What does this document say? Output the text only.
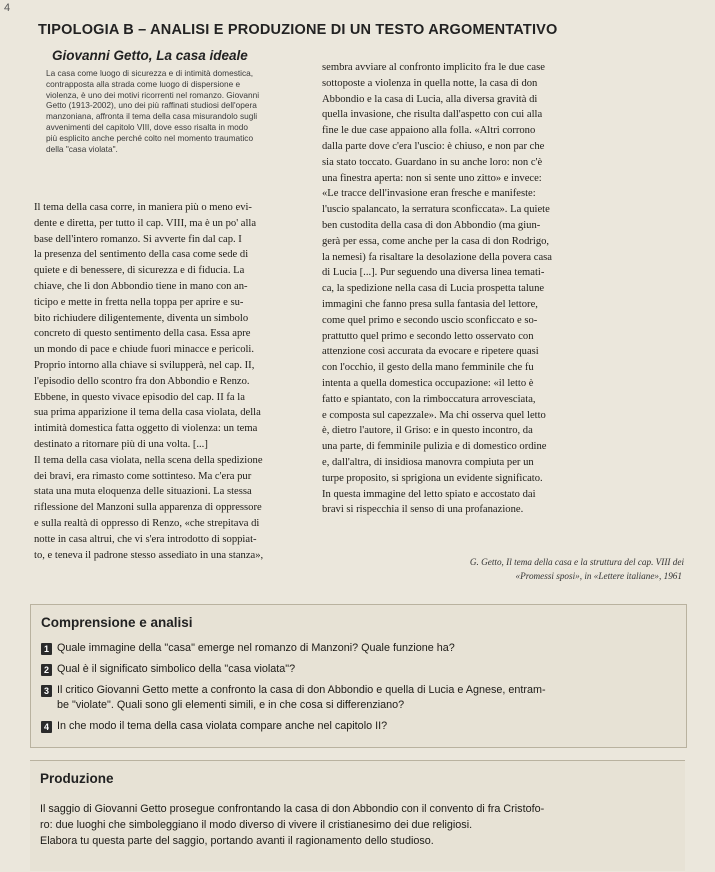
4
TIPOLOGIA B – ANALISI E PRODUZIONE DI UN TESTO ARGOMENTATIVO
Giovanni Getto, La casa ideale
La casa come luogo di sicurezza e di intimità domestica,
contrapposta alla strada come luogo di dispersione e
violenza, è uno dei motivi ricorrenti nel romanzo. Giovanni
Getto (1913-2002), uno dei più raffinati studiosi dell'opera
manzoniana, affronta il tema della casa misurandolo sugli
avvenimenti del capitolo VIII, dove esso risalta in modo
più esplicito anche perché colto nel momento traumatico
della "casa violata".
Il tema della casa corre, in maniera più o meno evi-
dente e diretta, per tutto il cap. VIII, ma è un po' alla
base dell'intero romanzo. Si avverte fin dal cap. I
la presenza del sentimento della casa come sede di
quiete e di benessere, di sicurezza e di fiducia. La
chiave, che lì don Abbondio tiene in mano con an-
ticipo e mette in fretta nella toppa per aprire e su-
bito richiudere diligentemente, diventa un simbolo
concreto di questo sentimento della casa. Essa apre
un mondo di pace e chiude fuori minacce e pericoli.
Proprio intorno alla chiave si svilupperà, nel cap. II,
l'episodio dello scontro fra don Abbondio e Renzo.
Ebbene, in questo vivace episodio del cap. II fa la
sua prima apparizione il tema della casa violata, della
intimità domestica fatta oggetto di violenza: un tema
destinato a ritornare più di una volta. [...]
Il tema della casa violata, nella scena della spedizione
dei bravi, era rimasto come sottinteso. Ma c'era pur
stata una muta eloquenza delle situazioni. La stessa
riflessione del Manzoni sulla apparenza di oppressore
e sulla realtà di oppresso di Renzo, «che strepitava di
notte in casa altrui, che vi s'era introdotto di soppiat-
to, e teneva il padrone stesso assediato in una stanza»,
sembra avviare al confronto implicito fra le due case
sottoposte a violenza in quella notte, la casa di don
Abbondio e la casa di Lucia, alla diversa gravità di
quella invasione, che risulta dall'aspetto con cui alla
fine le due case appaiono alla folla. «Altri corrono
dalla parte dove c'era l'uscio: è chiuso, e non par che
sia stato toccato. Guardano in su anche loro: non c'è
una finestra aperta: non si sente uno zitto» e invece:
«Le tracce dell'invasione eran fresche e manifeste:
l'uscio spalancato, la serratura sconficcata». La quiete
ben custodita della casa di don Abbondio (ma giun-
gerà per essa, come anche per la casa di don Rodrigo,
la nemesi) fa risaltare la desolazione della povera casa
di Lucia [...]. Pur seguendo una diversa linea temati-
ca, la spedizione nella casa di Lucia prospetta talune
immagini che fanno presa sulla fantasia del lettore,
come quel primo e secondo uscio sconficcato e so-
prattutto quel primo e secondo letto osservato con
attenzione così accurata da evocare e ripetere quasi
con l'occhio, il gesto della mano femminile che fu
intenta a quella domestica occupazione: «il letto è
fatto e spiantato, con la rimboccatura arrovesciata,
e composta sul capezzale». Ma chi osserva quel letto
è, dietro l'autore, il Griso: e in questo incontro, da
una parte, di femminile pulizia e di domestico ordine
e, dall'altra, di insidiosa manovra compiuta per un
turpe proposito, si sprigiona un evidente significato.
In questa immagine del letto spiato e accostato dai
bravi si rispecchia il senso di una profanazione.
G. Getto, Il tema della casa e la struttura del cap. VIII dei
«Promessi sposi», in «Lettere italiane», 1961
Comprensione e analisi
1 Quale immagine della "casa" emerge nel romanzo di Manzoni? Quale funzione ha?
2 Qual è il significato simbolico della "casa violata"?
3 Il critico Giovanni Getto mette a confronto la casa di don Abbondio e quella di Lucia e Agnese, entram-
be "violate". Quali sono gli elementi simili, e in che cosa si differenziano?
4 In che modo il tema della casa violata compare anche nel capitolo II?
Produzione
Il saggio di Giovanni Getto prosegue confrontando la casa di don Abbondio con il convento di fra Cristofo-
ro: due luoghi che simboleggiano il modo diverso di vivere il cristianesimo dei due religiosi.
Elabora tu questa parte del saggio, portando avanti il ragionamento dello studioso.
